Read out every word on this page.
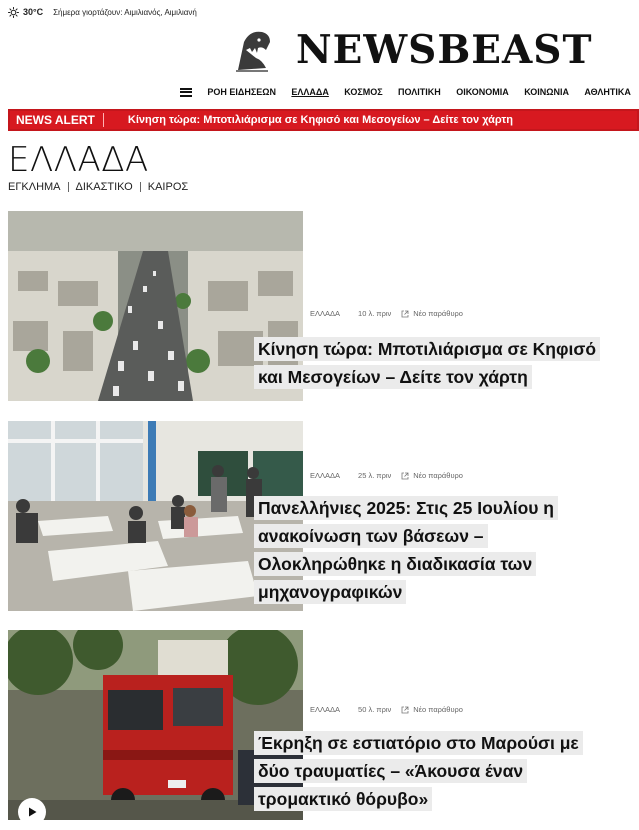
30°C Σήμερα γιορτάζουν: Αιμιλιανός, Αιμιλιανή
NEWSBEAST
ΡΟΗ ΕΙΔΗΣΕΩΝ ΕΛΛΑΔΑ ΚΟΣΜΟΣ ΠΟΛΙΤΙΚΗ ΟΙΚΟΝΟΜΙΑ ΚΟΙΝΩΝΙΑ ΑΘΛΗΤΙΚΑ
NEWS ALERT	Κίνηση τώρα: Μποτιλιάρισμα σε Κηφισό και Μεσογείων – Δείτε τον χάρτη
ΕΛΛΑΔΑ
ΕΓΚΛΗΜΑ ΔΙΚΑΣΤΙΚΟ ΚΑΙΡΟΣ
ΕΛΛΑΔΑ 10 λ. πριν	Νέο παράθυρο
Κίνηση τώρα: Μποτιλιάρισμα σε Κηφισό και Μεσογείων – Δείτε τον χάρτη
ΕΛΛΑΔΑ 25 λ. πριν	Νέο παράθυρο
Πανελλήνιες 2025: Στις 25 Ιουλίου η ανακοίνωση των βάσεων – Ολοκληρώθηκε η διαδικασία των μηχανογραφικών
ΕΛΛΑΔΑ 50 λ. πριν	Νέο παράθυρο
Έκρηξη σε εστιατόριο στο Μαρούσι με δύο τραυματίες – «Άκουσα έναν τρομακτικό θόρυβο»
